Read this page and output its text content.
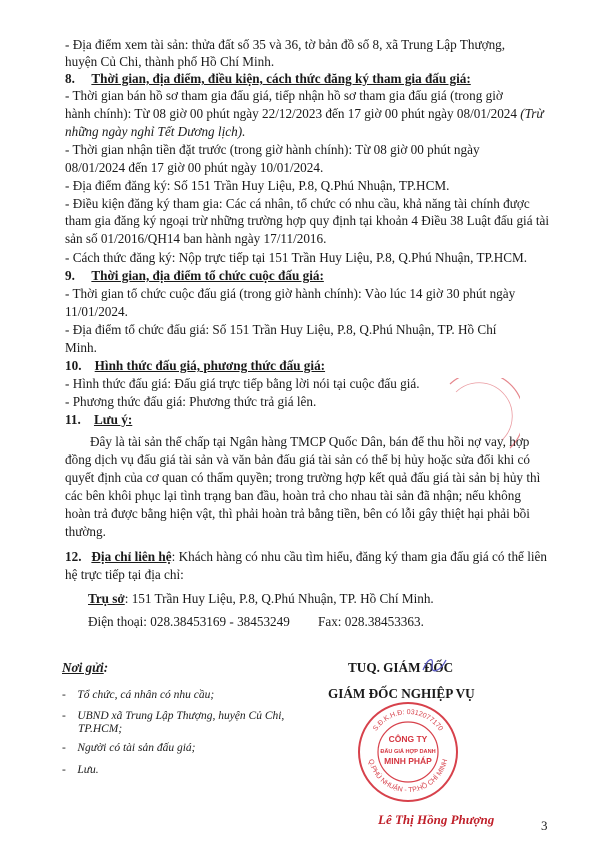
- Địa điểm xem tài sản: thửa đất số 35 và 36, tờ bản đồ số 8, xã Trung Lập Thượng,
huyện Củ Chi, thành phố Hồ Chí Minh.
8. Thời gian, địa điểm, điều kiện, cách thức đăng ký tham gia đấu giá:
- Thời gian bán hồ sơ tham gia đấu giá, tiếp nhận hồ sơ tham gia đấu giá (trong giờ
hành chính): Từ 08 giờ 00 phút ngày 22/12/2023 đến 17 giờ 00 phút ngày 08/01/2024 (Trừ
những ngày nghỉ Tết Dương lịch).
- Thời gian nhận tiền đặt trước (trong giờ hành chính): Từ 08 giờ 00 phút ngày
08/01/2024 đến 17 giờ 00 phút ngày 10/01/2024.
- Địa điểm đăng ký: Số 151 Trần Huy Liệu, P.8, Q.Phú Nhuận, TP.HCM.
- Điều kiện đăng ký tham gia: Các cá nhân, tổ chức có nhu cầu, khả năng tài chính được
tham gia đăng ký ngoại trừ những trường hợp quy định tại khoản 4 Điều 38 Luật đấu giá tài
sản số 01/2016/QH14 ban hành ngày 17/11/2016.
- Cách thức đăng ký: Nộp trực tiếp tại 151 Trần Huy Liệu, P.8, Q.Phú Nhuận, TP.HCM.
9. Thời gian, địa điểm tổ chức cuộc đấu giá:
- Thời gian tổ chức cuộc đấu giá (trong giờ hành chính): Vào lúc 14 giờ 30 phút ngày
11/01/2024.
- Địa điểm tổ chức đấu giá: Số 151 Trần Huy Liệu, P.8, Q.Phú Nhuận, TP. Hồ Chí
Minh.
10. Hình thức đấu giá, phương thức đấu giá:
- Hình thức đấu giá: Đấu giá trực tiếp bằng lời nói tại cuộc đấu giá.
- Phương thức đấu giá: Phương thức trả giá lên.
11. Lưu ý:
Đây là tài sản thế chấp tại Ngân hàng TMCP Quốc Dân, bán để thu hồi nợ vay, hợp
đồng dịch vụ đấu giá tài sản và văn bản đấu giá tài sản có thể bị hủy hoặc sửa đổi khi có
quyết định của cơ quan có thẩm quyền; trong trường hợp kết quả đấu giá tài sản bị hủy thì
các bên khôi phục lại tình trạng ban đầu, hoàn trả cho nhau tài sản đã nhận; nếu không
hoàn trả được bằng hiện vật, thì phải hoàn trả bằng tiền, bên có lỗi gây thiệt hại phải bồi
thường.
12. Địa chỉ liên hệ: Khách hàng có nhu cầu tìm hiểu, đăng ký tham gia đấu giá có thể liên
hệ trực tiếp tại địa chỉ:
Trụ sở: 151 Trần Huy Liệu, P.8, Q.Phú Nhuận, TP. Hồ Chí Minh.
Điện thoại: 028.38453169 - 38453249 Fax: 028.38453363.
Nơi gửi:
-    Tổ chức, cá nhân có nhu cầu;
-    UBND xã Trung Lập Thượng, huyện Củ Chi,
TP.HCM;
-    Người có tài sản đấu giá;
-    Lưu.
TUQ. GIÁM ĐỐC
GIÁM ĐỐC NGHIỆP VỤ
S.Đ.K.H.Đ: 0312077170
Q.PHÚ NHUẬN - TP.HỒ CHÍ MINH
CÔNG TY
ĐẤU GIÁ HỢP DANH
MINH PHÁP
Lê Thị Hồng Phượng	3
